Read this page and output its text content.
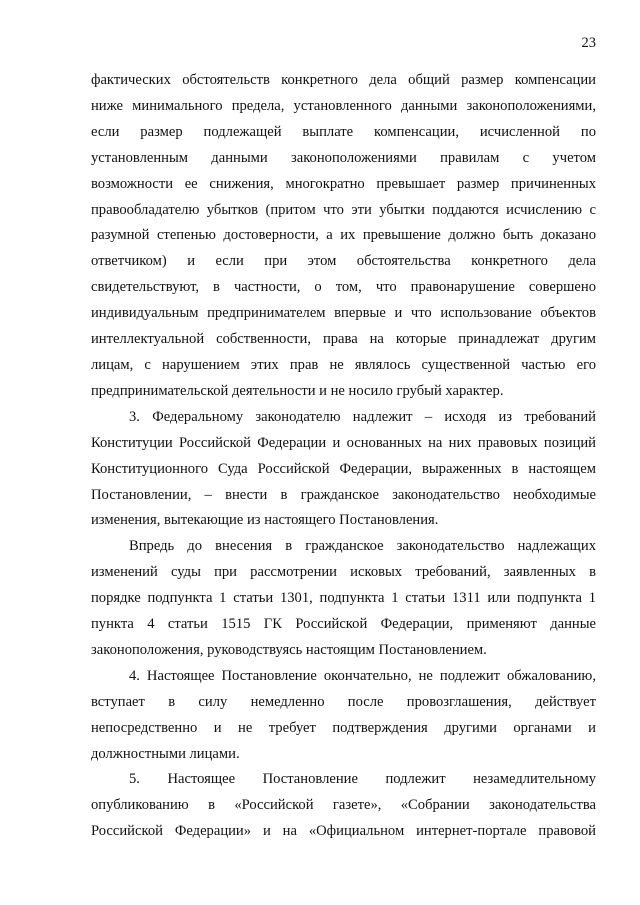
23

фактических обстоятельств конкретного дела общий размер компенсации

ниже минимального предела, установленного данными законоположениями,

если размер подлежащей выплате компенсации, исчисленной по

установленным данными законоположениями правилам с учетом

возможности ее снижения, многократно превышает размер причиненных

правообладателю убытков (притом что эти убытки поддаются исчислению с

разумной степенью достоверности, а их превышение должно быть доказано

ответчиком) и если при этом обстоятельства конкретного дела

свидетельствуют, в частности, о том, что правонарушение совершено

индивидуальным предпринимателем впервые и что использование объектов

интеллектуальной собственности, права на которые принадлежат другим

лицам, с нарушением этих прав не являлось существенной частью его

предпринимательской деятельности и не носило грубый характер.

3. Федеральному законодателю надлежит – исходя из требований

Конституции Российской Федерации и основанных на них правовых позиций

Конституционного Суда Российской Федерации, выраженных в настоящем

Постановлении, – внести в гражданское законодательство необходимые

изменения, вытекающие из настоящего Постановления.

Впредь до внесения в гражданское законодательство надлежащих

изменений суды при рассмотрении исковых требований, заявленных в

порядке подпункта 1 статьи 1301, подпункта 1 статьи 1311 или подпункта 1

пункта 4 статьи 1515 ГК Российской Федерации, применяют данные

законоположения, руководствуясь настоящим Постановлением.

4. Настоящее Постановление окончательно, не подлежит обжалованию,

вступает в силу немедленно после провозглашения, действует

непосредственно и не требует подтверждения другими органами и

должностными лицами.

5. Настоящее Постановление подлежит незамедлительному

опубликованию в «Российской газете», «Собрании законодательства

Российской Федерации» и на «Официальном интернет-портале правовой
